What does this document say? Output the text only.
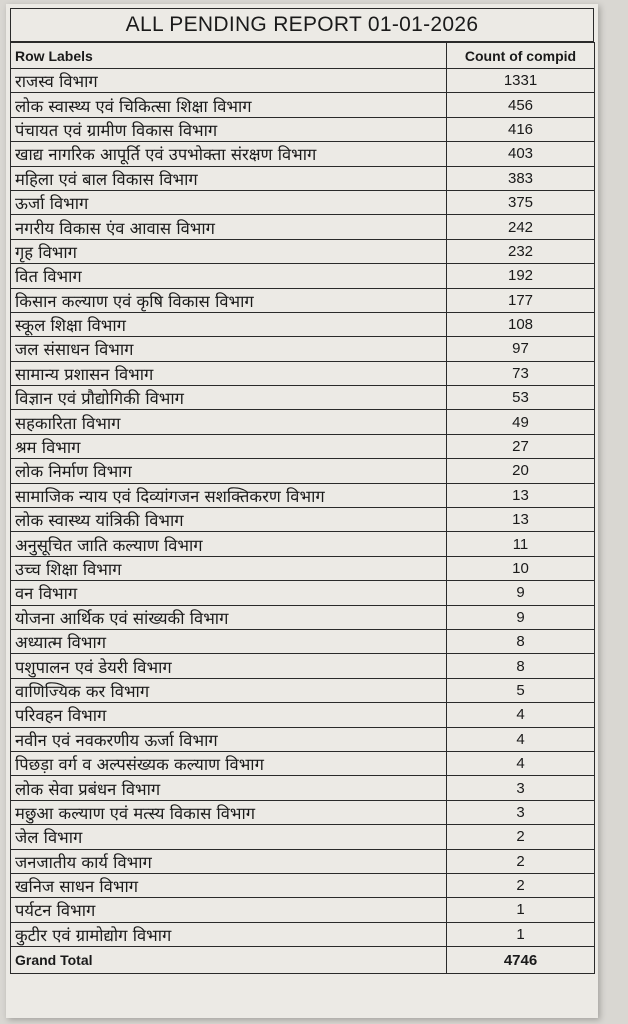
ALL PENDING REPORT 01-01-2026
Row Labels	Count of compid
राजस्व विभाग	1331
लोक स्वास्थ्य एवं चिकित्सा शिक्षा विभाग	456
पंचायत एवं ग्रामीण विकास विभाग	416
खाद्य नागरिक आपूर्ति एवं उपभोक्ता संरक्षण विभाग	403
महिला एवं बाल विकास विभाग	383
ऊर्जा विभाग	375
नगरीय विकास एंव आवास विभाग	242
गृह विभाग	232
वित विभाग	192
किसान कल्याण एवं कृषि विकास विभाग	177
स्कूल शिक्षा विभाग	108
जल संसाधन विभाग	97
सामान्य प्रशासन विभाग	73
विज्ञान एवं प्रौद्योगिकी विभाग	53
सहकारिता विभाग	49
श्रम विभाग	27
लोक निर्माण विभाग	20
सामाजिक न्याय एवं दिव्यांगजन सशक्तिकरण विभाग	13
लोक स्वास्थ्य यांत्रिकी विभाग	13
अनुसूचित जाति कल्याण विभाग	11
उच्च शिक्षा विभाग	10
वन विभाग	9
योजना आर्थिक एवं सांख्यकी विभाग	9
अध्यात्म विभाग	8
पशुपालन एवं डेयरी विभाग	8
वाणिज्यिक कर विभाग	5
परिवहन विभाग	4
नवीन एवं नवकरणीय ऊर्जा विभाग	4
पिछड़ा वर्ग व अल्पसंख्यक कल्याण विभाग	4
लोक सेवा प्रबंधन विभाग	3
मछुआ कल्याण एवं मत्स्य विकास विभाग	3
जेल विभाग	2
जनजातीय कार्य विभाग	2
खनिज साधन विभाग	2
पर्यटन विभाग	1
कुटीर एवं ग्रामोद्योग विभाग	1
Grand Total	4746
